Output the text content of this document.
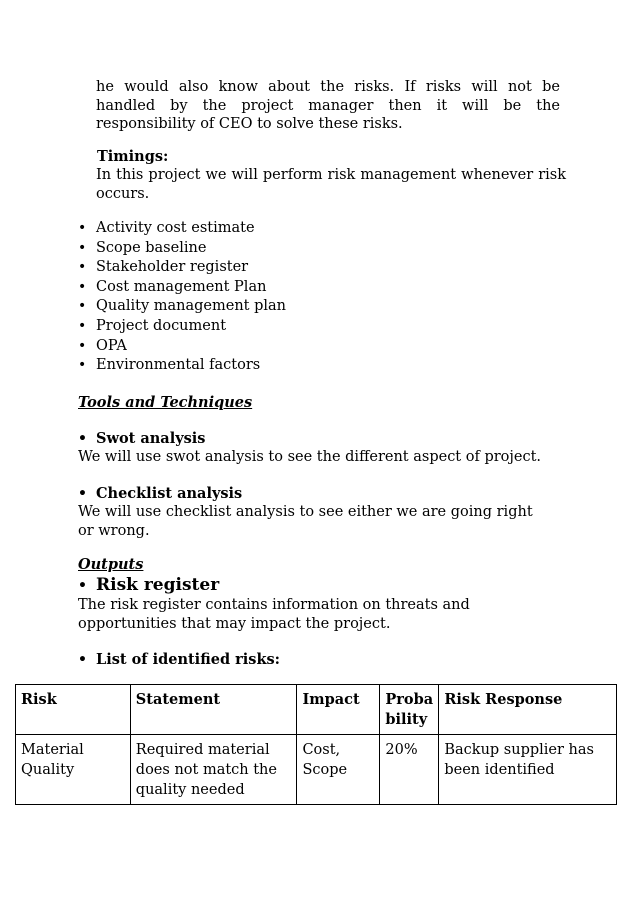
he would also know about the risks. If risks will not be handled by the project manager then it will be the responsibility of CEO to solve these risks.
Timings:
In this project we will perform risk management whenever risk occurs.
• Activity cost estimate
• Scope baseline
• Stakeholder register
• Cost management Plan
• Quality management plan
• Project document
• OPA
• Environmental factors
Tools and Techniques
• Swot analysis
We will use swot analysis to see the different aspect of project.
• Checklist analysis
We will use checklist analysis to see either we are going right or wrong.
Outputs
• Risk register
The risk register contains information on threats and opportunities that may impact the project.
• List of identified risks:
Risk	Statement	Impact	Proba bility	Risk Response
Material Quality	Required material does not match the quality needed	Cost, Scope	20%	Backup supplier has been identified
